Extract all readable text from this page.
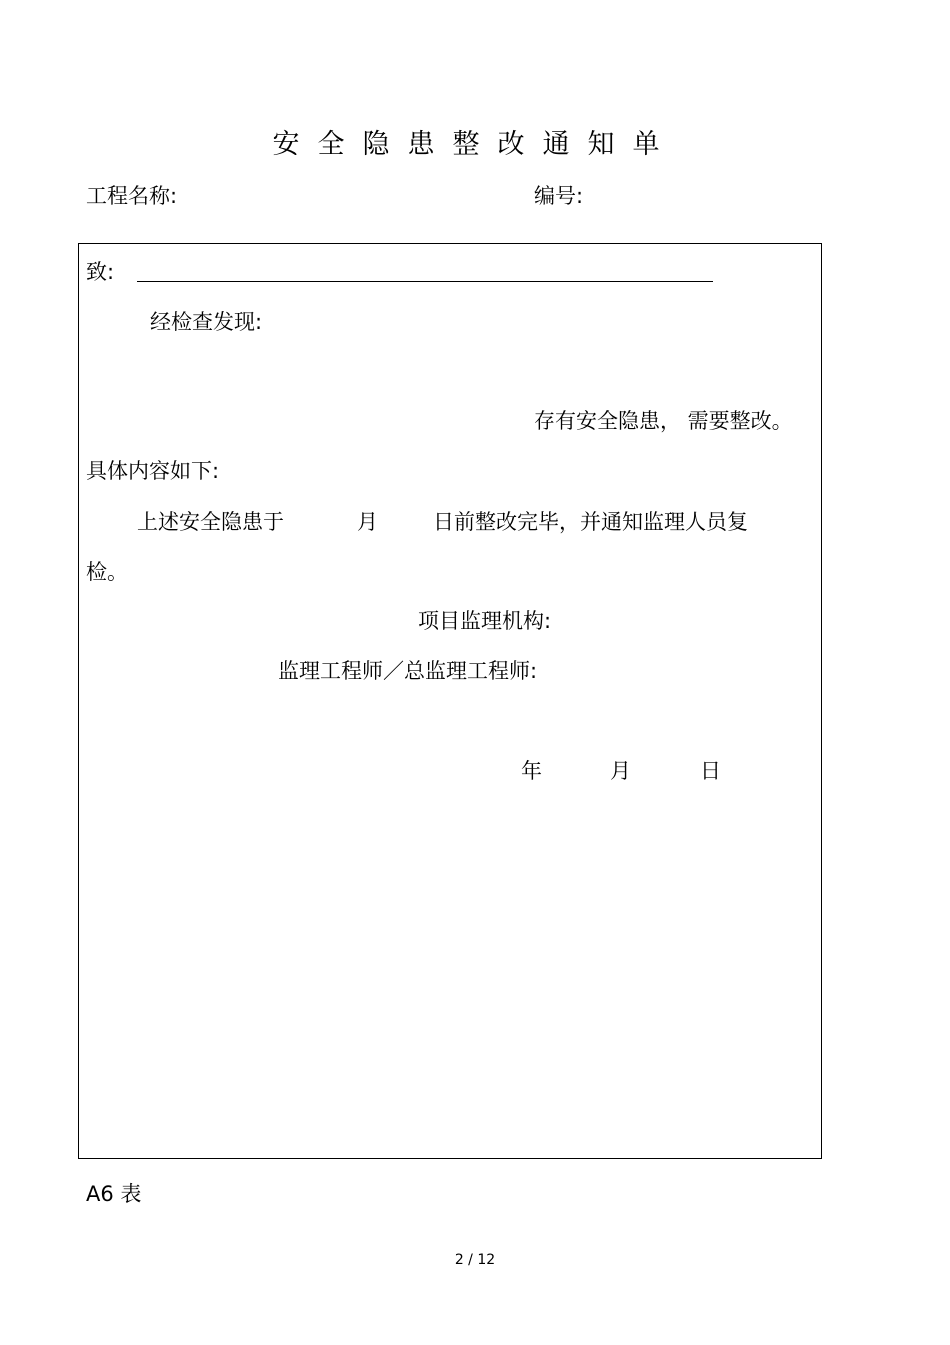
安全隐患整改通知单
工程名称:	编号:
致:
经检查发现:
存有安全隐患， 需要整改。
具体内容如下:
上述安全隐患于	月	日前整改完毕，并通知监理人员复
检。
项目监理机构:
监理工程师／总监理工程师:
年	月	日
A6 表
2 / 12
